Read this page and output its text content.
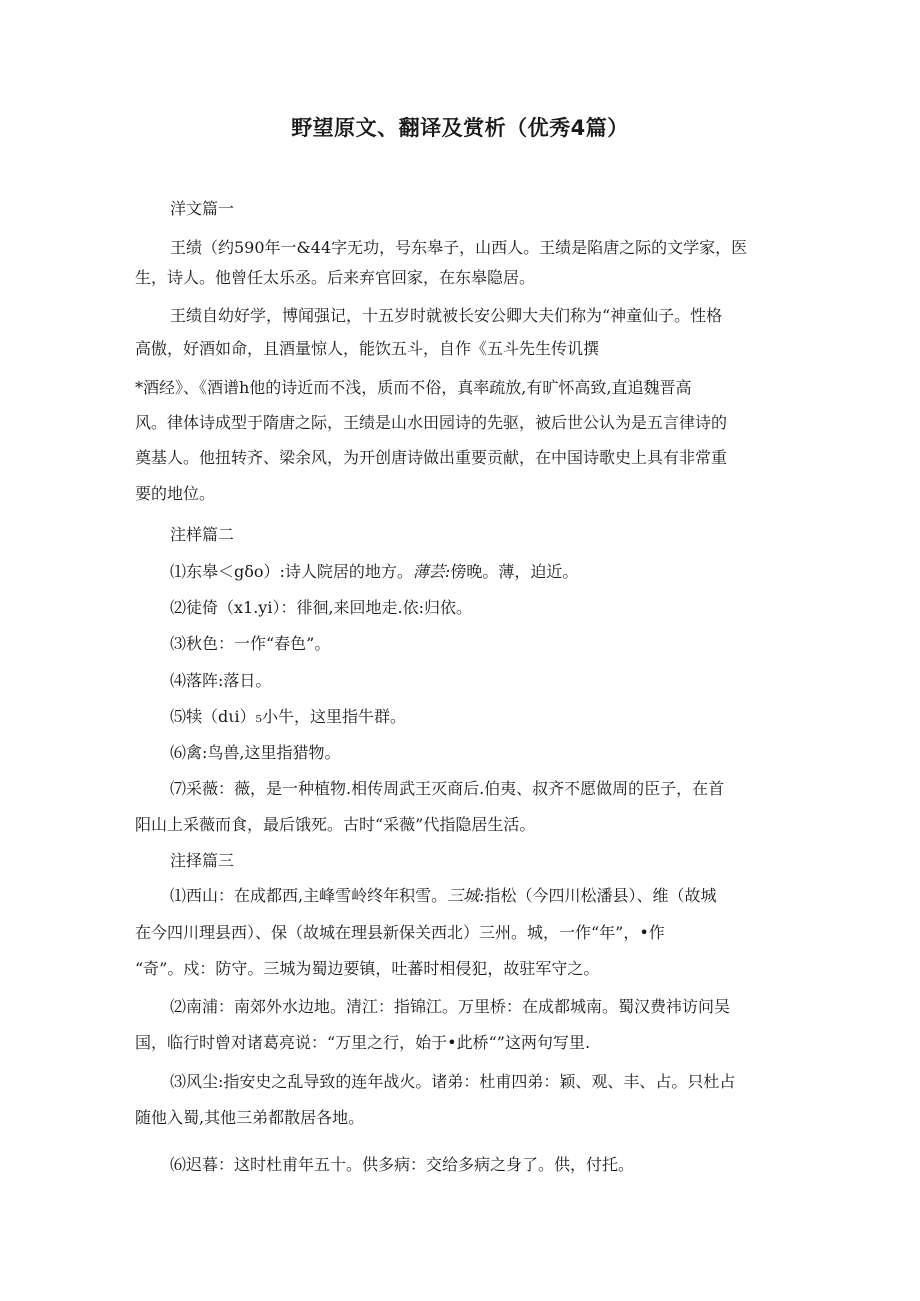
野望原文、翻译及赏析（优秀4篇）
洋文篇一
王绩（约590年一&44字无功，号东皋子，山西人。王绩是陷唐之际的文学家，医
生，诗人。他曾任太乐丞。后来弃官回家，在东皋隐居。
王绩自幼好学，博闻强记，十五岁时就被长安公卿大夫们称为“神童仙子。性格
高傲，好酒如命，且酒量惊人，能饮五斗，自作《五斗先生传讥撰
*酒经》、《酒谱h他的诗近而不浅，质而不俗，真率疏放,有旷怀高致,直追魏晋高
风。律体诗成型于隋唐之际，王绩是山水田园诗的先驱，被后世公认为是五言律诗的
奠基人。他扭转齐、梁余风，为开创唐诗做出重要贡献，在中国诗歌史上具有非常重
要的地位。
注样篇二
⑴东皋＜gδo）:诗人院居的地方。薄芸:傍晚。薄，迫近。
⑵徒倚（x1.yi）：徘徊,来回地走.依:归依。
⑶秋色：一作“春色”。
⑷落阵:落日。
⑸犊（dιi）₅小牛，这里指牛群。
⑹禽:鸟兽,这里指猎物。
⑺采薇：薇，是一种植物.相传周武王灭商后.伯夷、叔齐不愿做周的臣子，在首
阳山上采薇而食，最后饿死。古时“采薇”代指隐居生活。
注择篇三
⑴西山：在成都西,主峰雪岭终年积雪。三城:指松（今四川松潘县）、维（故城
在今四川理县西）、保（故城在理县新保关西北）三州。城，一作“年”，•作
“奇”。戍：防守。三城为蜀边要镇，吐蕃时相侵犯，故驻军守之。
⑵南浦：南郊外水边地。清江：指锦江。万里桥：在成都城南。蜀汉费祎访问吴
国，临行时曾对诸葛亮说：“万里之行，始于•此桥“”这两句写里.
⑶风尘:指安史之乱导致的连年战火。诸弟：杜甫四弟：颖、观、丰、占。只杜占
随他入蜀,其他三弟都散居各地。
⑹迟暮：这时杜甫年五十。供多病：交给多病之身了。供，付托。
